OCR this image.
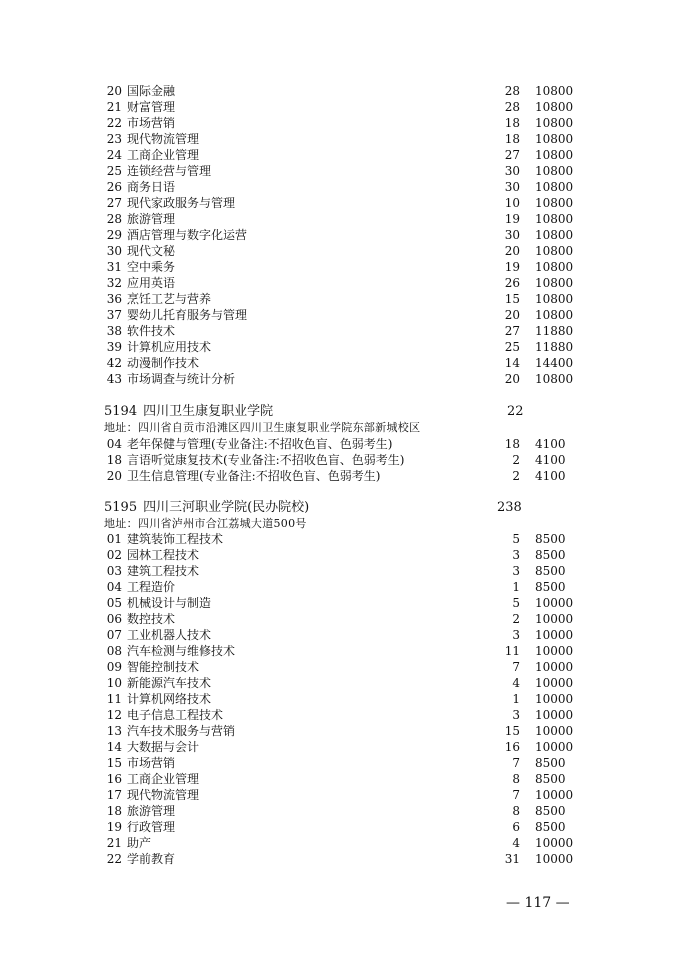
20 国际金融	28 10800
21 财富管理	28 10800
22 市场营销	18 10800
23 现代物流管理	18 10800
24 工商企业管理	27 10800
25 连锁经营与管理	30 10800
26 商务日语	30 10800
27 现代家政服务与管理	10 10800
28 旅游管理	19 10800
29 酒店管理与数字化运营	30 10800
30 现代文秘	20 10800
31 空中乘务	19 10800
32 应用英语	26 10800
36 烹饪工艺与营养	15 10800
37 婴幼儿托育服务与管理	20 10800
38 软件技术	27 11880
39 计算机应用技术	25 11880
42 动漫制作技术	14 14400
43 市场调查与统计分析	20 10800
5194 四川卫生康复职业学院	22
地址：四川省自贡市沿滩区四川卫生康复职业学院东部新城校区
04 老年保健与管理(专业备注:不招收色盲、色弱考生)	18 4100
18 言语听觉康复技术(专业备注:不招收色盲、色弱考生)	2 4100
20 卫生信息管理(专业备注:不招收色盲、色弱考生)	2 4100
5195 四川三河职业学院(民办院校)	238
地址：四川省泸州市合江荔城大道500号
01 建筑装饰工程技术	5 8500
02 园林工程技术	3 8500
03 建筑工程技术	3 8500
04 工程造价	1 8500
05 机械设计与制造	5 10000
06 数控技术	2 10000
07 工业机器人技术	3 10000
08 汽车检测与维修技术	11 10000
09 智能控制技术	7 10000
10 新能源汽车技术	4 10000
11 计算机网络技术	1 10000
12 电子信息工程技术	3 10000
13 汽车技术服务与营销	15 10000
14 大数据与会计	16 10000
15 市场营销	7 8500
16 工商企业管理	8 8500
17 现代物流管理	7 10000
18 旅游管理	8 8500
19 行政管理	6 8500
21 助产	4 10000
22 学前教育	31 10000
— 117 —
